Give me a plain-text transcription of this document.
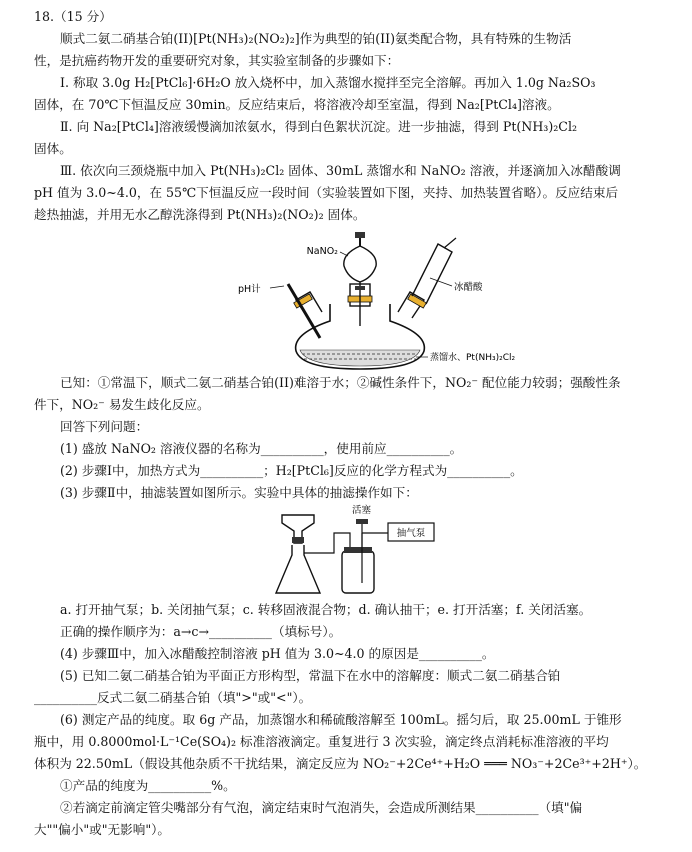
18.（15 分）
顺式二氨二硝基合铂(II)[Pt(NH₃)₂(NO₂)₂]作为典型的铂(II)氨类配合物，具有特殊的生物活
性，是抗癌药物开发的重要研究对象，其实验室制备的步骤如下：
Ⅰ. 称取 3.0g H₂[PtCl₆]·6H₂O 放入烧杯中，加入蒸馏水搅拌至完全溶解。再加入 1.0g Na₂SO₃
固体，在 70℃下恒温反应 30min。反应结束后，将溶液冷却至室温，得到 Na₂[PtCl₄]溶液。
Ⅱ. 向 Na₂[PtCl₄]溶液缓慢滴加浓氨水，得到白色絮状沉淀。进一步抽滤，得到 Pt(NH₃)₂Cl₂
固体。
Ⅲ. 依次向三颈烧瓶中加入 Pt(NH₃)₂Cl₂ 固体、30mL 蒸馏水和 NaNO₂ 溶液，并逐滴加入冰醋酸调
pH 值为 3.0~4.0，在 55℃下恒温反应一段时间（实验装置如下图，夹持、加热装置省略）。反应结束后
趁热抽滤，并用无水乙醇洗涤得到 Pt(NH₃)₂(NO₂)₂ 固体。
已知：①常温下，顺式二氨二硝基合铂(II)难溶于水；②碱性条件下，NO₂⁻ 配位能力较弱；强酸性条
件下，NO₂⁻ 易发生歧化反应。
回答下列问题：
(1) 盛放 NaNO₂ 溶液仪器的名称为__________，使用前应__________。
(2) 步骤Ⅰ中，加热方式为__________；H₂[PtCl₆]反应的化学方程式为__________。
(3) 步骤Ⅱ中，抽滤装置如图所示。实验中具体的抽滤操作如下：
a. 打开抽气泵；b. 关闭抽气泵；c. 转移固液混合物；d. 确认抽干；e. 打开活塞；f. 关闭活塞。
正确的操作顺序为：a→c→__________（填标号）。
(4) 步骤Ⅲ中，加入冰醋酸控制溶液 pH 值为 3.0~4.0 的原因是__________。
(5) 已知二氨二硝基合铂为平面正方形构型，常温下在水中的溶解度：顺式二氨二硝基合铂
__________反式二氨二硝基合铂（填">"或"<"）。
(6) 测定产品的纯度。取 6g 产品，加蒸馏水和稀硫酸溶解至 100mL。摇匀后，取 25.00mL 于锥形
瓶中，用 0.8000mol·L⁻¹Ce(SO₄)₂ 标准溶液滴定。重复进行 3 次实验，滴定终点消耗标准溶液的平均
体积为 22.50mL（假设其他杂质不干扰结果，滴定反应为 NO₂⁻+2Ce⁴⁺+H₂O ═══ NO₃⁻+2Ce³⁺+2H⁺）。
①产品的纯度为__________%。
②若滴定前滴定管尖嘴部分有气泡，滴定结束时气泡消失，会造成所测结果__________（填"偏
大""偏小"或"无影响"）。
NaNO₂
pH计	冰醋酸
蒸馏水、Pt(NH₃)₂Cl₂
活塞
抽气泵
